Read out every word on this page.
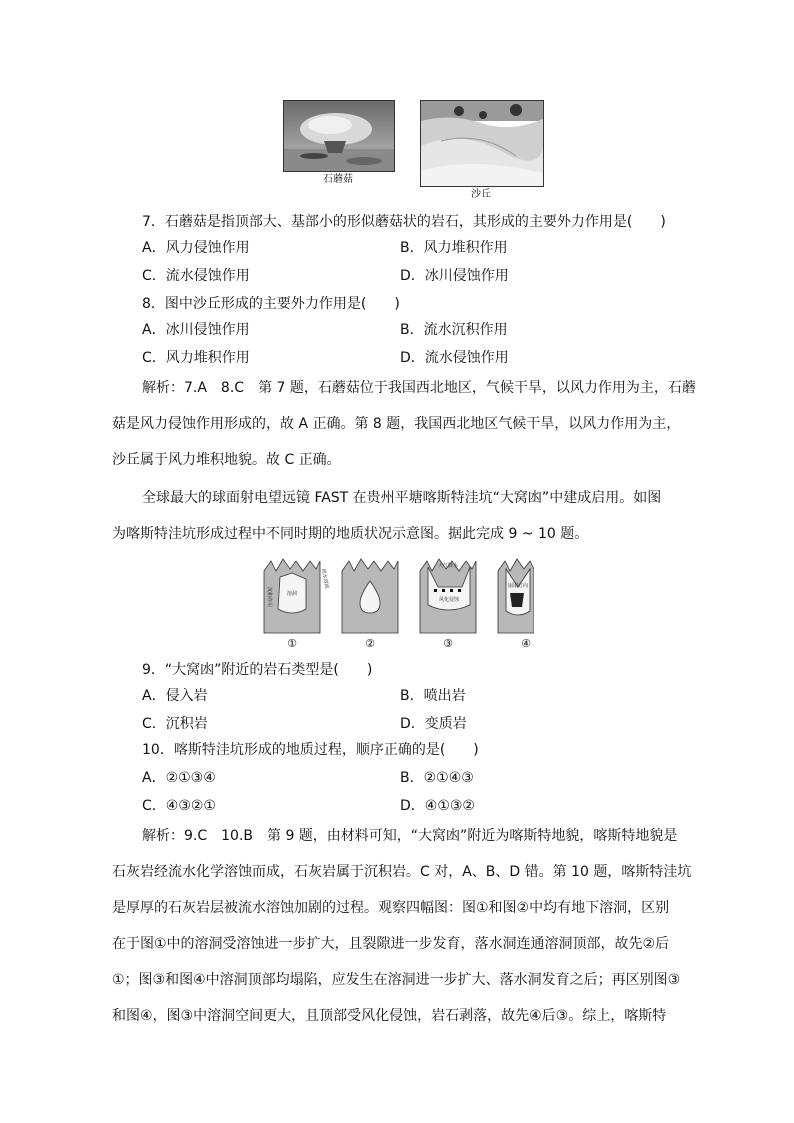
石蘑菇
沙丘
7．石蘑菇是指顶部大、基部小的形似蘑菇状的岩石，其形成的主要外力作用是(　　)
A．风力侵蚀作用	B．风力堆积作用
C．流水侵蚀作用	D．冰川侵蚀作用
8．图中沙丘形成的主要外力作用是(　　)
A．冰川侵蚀作用	B．流水沉积作用
C．风力堆积作用	D．流水侵蚀作用
解析：7.A　8.C　第 7 题，石蘑菇位于我国西北地区，气候干旱，以风力作用为主，石蘑
菇是风力侵蚀作用形成的，故 A 正确。第 8 题，我国西北地区气候干旱，以风力作用为主，
沙丘属于风力堆积地貌。故 C 正确。
全球最大的球面射电望远镜 FAST 在贵州平塘喀斯特洼坑“大窝凼”中建成启用。如图
为喀斯特洼坑形成过程中不同时期的地质状况示意图。据此完成 9 ~ 10 题。
溶洞
大气降水
风化侵蚀
崩塌方向
流水溶蚀
沉积作用
①	②	③	④
9．“大窝凼”附近的岩石类型是(　　)
A．侵入岩	B．喷出岩
C．沉积岩	D．变质岩
10．喀斯特洼坑形成的地质过程，顺序正确的是(　　)
A．②①③④	B．②①④③
C．④③②①	D．④①③②
解析：9.C　10.B　第 9 题，由材料可知，“大窝凼”附近为喀斯特地貌，喀斯特地貌是
石灰岩经流水化学溶蚀而成，石灰岩属于沉积岩。C 对，A、B、D 错。第 10 题，喀斯特洼坑
是厚厚的石灰岩层被流水溶蚀加剧的过程。观察四幅图：图①和图②中均有地下溶洞，区别
在于图①中的溶洞受溶蚀进一步扩大，且裂隙进一步发育，落水洞连通溶洞顶部，故先②后
①；图③和图④中溶洞顶部均塌陷，应发生在溶洞进一步扩大、落水洞发育之后；再区别图③
和图④，图③中溶洞空间更大，且顶部受风化侵蚀，岩石剥落，故先④后③。综上，喀斯特
